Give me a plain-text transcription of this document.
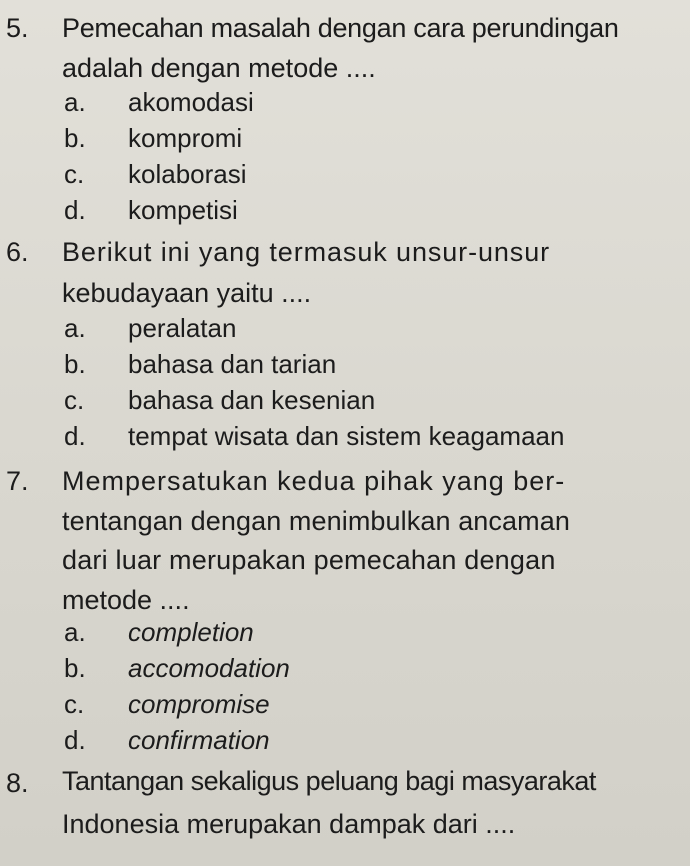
5. Pemecahan masalah dengan cara perundingan
adalah dengan metode ....
a. akomodasi
b. kompromi
c. kolaborasi
d. kompetisi
6. Berikut ini yang termasuk unsur-unsur
kebudayaan yaitu ....
a. peralatan
b. bahasa dan tarian
c. bahasa dan kesenian
d. tempat wisata dan sistem keagamaan
7. Mempersatukan kedua pihak yang ber-
tentangan dengan menimbulkan ancaman
dari luar merupakan pemecahan dengan
metode ....
a. completion
b. accomodation
c. compromise
d. confirmation
8. Tantangan sekaligus peluang bagi masyarakat
Indonesia merupakan dampak dari ....
